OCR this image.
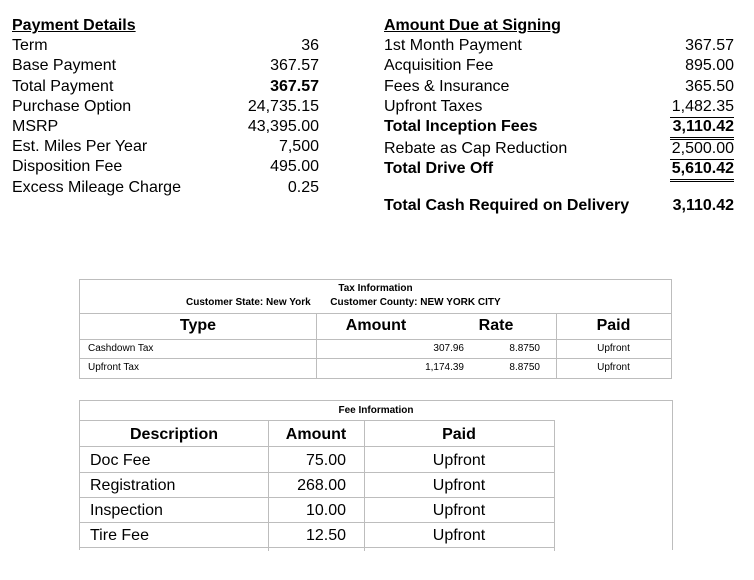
Payment Details
Term	36
Base Payment	367.57
Total Payment	367.57
Purchase Option	24,735.15
MSRP	43,395.00
Est. Miles Per Year	7,500
Disposition Fee	495.00
Excess Mileage Charge	0.25
Amount Due at Signing
1st Month Payment	367.57
Acquisition Fee	895.00
Fees & Insurance	365.50
Upfront Taxes	1,482.35
Total Inception Fees	3,110.42
Rebate as Cap Reduction	2,500.00
Total Drive Off	5,610.42
Total Cash Required on Delivery	3,110.42
Tax Information
Customer State: New York Customer County: NEW YORK CITY
Type	Amount	Rate	Paid
Cashdown Tax	307.96	8.8750	Upfront
Upfront Tax	1,174.39	8.8750	Upfront
Fee Information
Description	Amount	Paid
Doc Fee	75.00	Upfront
Registration	268.00	Upfront
Inspection	10.00	Upfront
Tire Fee	12.50	Upfront
